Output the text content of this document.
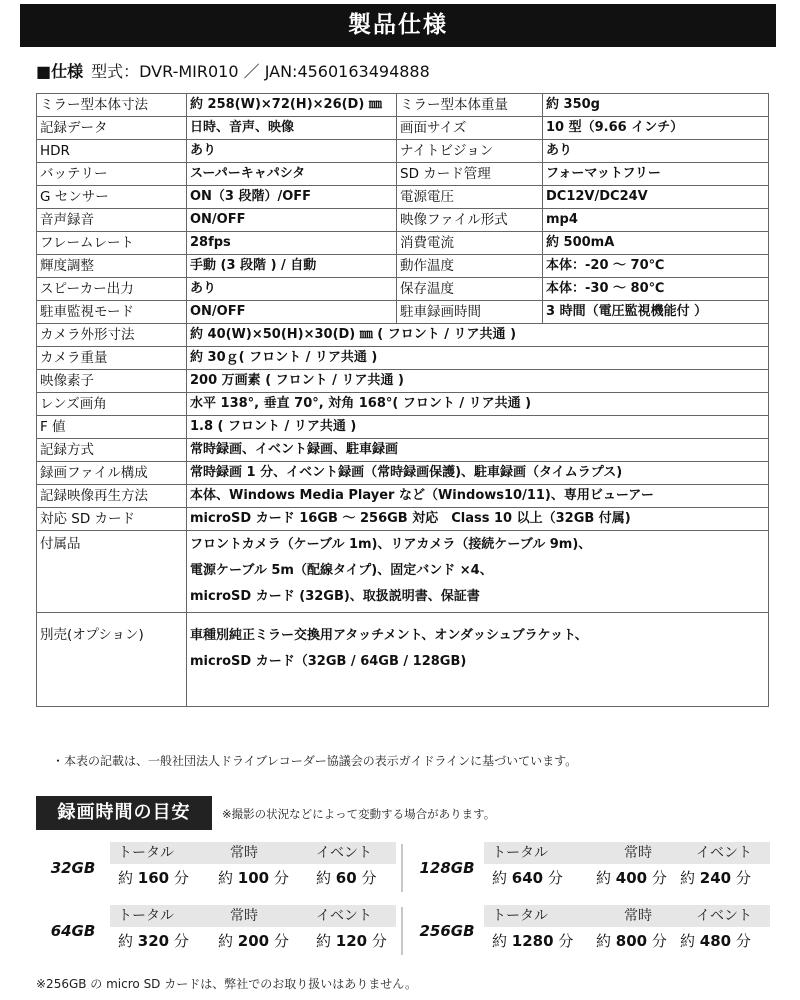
製品仕様
■仕様 型式：DVR-MIR010 ／ JAN:4560163494888
ミラー型本体寸法	約 258(W)×72(H)×26(D) ㎜	ミラー型本体重量	約 350g
記録データ	日時、音声、映像	画面サイズ	10 型（9.66 インチ）
HDR	あり	ナイトビジョン	あり
バッテリー	スーパーキャパシタ	SD カード管理	フォーマットフリー
G センサー	ON（3 段階）/OFF	電源電圧	DC12V/DC24V
音声録音	ON/OFF	映像ファイル形式	mp4
フレームレート	28fps	消費電流	約 500mA
輝度調整	手動 (3 段階 ) / 自動	動作温度	本体：-20 ～ 70℃
スピーカー出力	あり	保存温度	本体：-30 ～ 80℃
駐車監視モード	ON/OFF	駐車録画時間	3 時間（電圧監視機能付 ）
カメラ外形寸法	約 40(W)×50(H)×30(D) ㎜ ( フロント / リア共通 )		
カメラ重量	約 30ｇ( フロント / リア共通 )		
映像素子	200 万画素 ( フロント / リア共通 )		
レンズ画角	水平 138°, 垂直 70°, 対角 168°( フロント / リア共通 )		
F 値	1.8 ( フロント / リア共通 )		
記録方式	常時録画、イベント録画、駐車録画		
録画ファイル構成	常時録画 1 分、イベント録画（常時録画保護)、駐車録画（タイムラプス)		
記録映像再生方法	本体、Windows Media Player など（Windows10/11)、専用ビューアー		
対応 SD カード	microSD カード 16GB ～ 256GB 対応　Class 10 以上（32GB 付属)		

付属品	フロントカメラ（ケーブル 1m)、リアカメラ（接続ケーブル 9m)、
電源ケーブル 5m（配線タイプ)、固定バンド ×4、
microSD カード (32GB)、取扱説明書、保証書		

別売(オプション)	車種別純正ミラー交換用アタッチメント、オンダッシュブラケット、
microSD カード（32GB / 64GB / 128GB)		
・本表の記載は、一般社団法人ドライブレコーダー協議会の表示ガイドラインに基づいています。
録画時間の目安	※撮影の状況などによって変動する場合があります。
32GB
トータル	常時	イベント
約 160 分 約 100 分 約 60 分
128GB
トータル	常時	イベント
約 640 分 約 400 分 約 240 分
64GB
トータル	常時	イベント
約 320 分 約 200 分 約 120 分
256GB
トータル	常時	イベント
約 1280 分 約 800 分 約 480 分
※256GB の micro SD カードは、弊社でのお取り扱いはありません。
